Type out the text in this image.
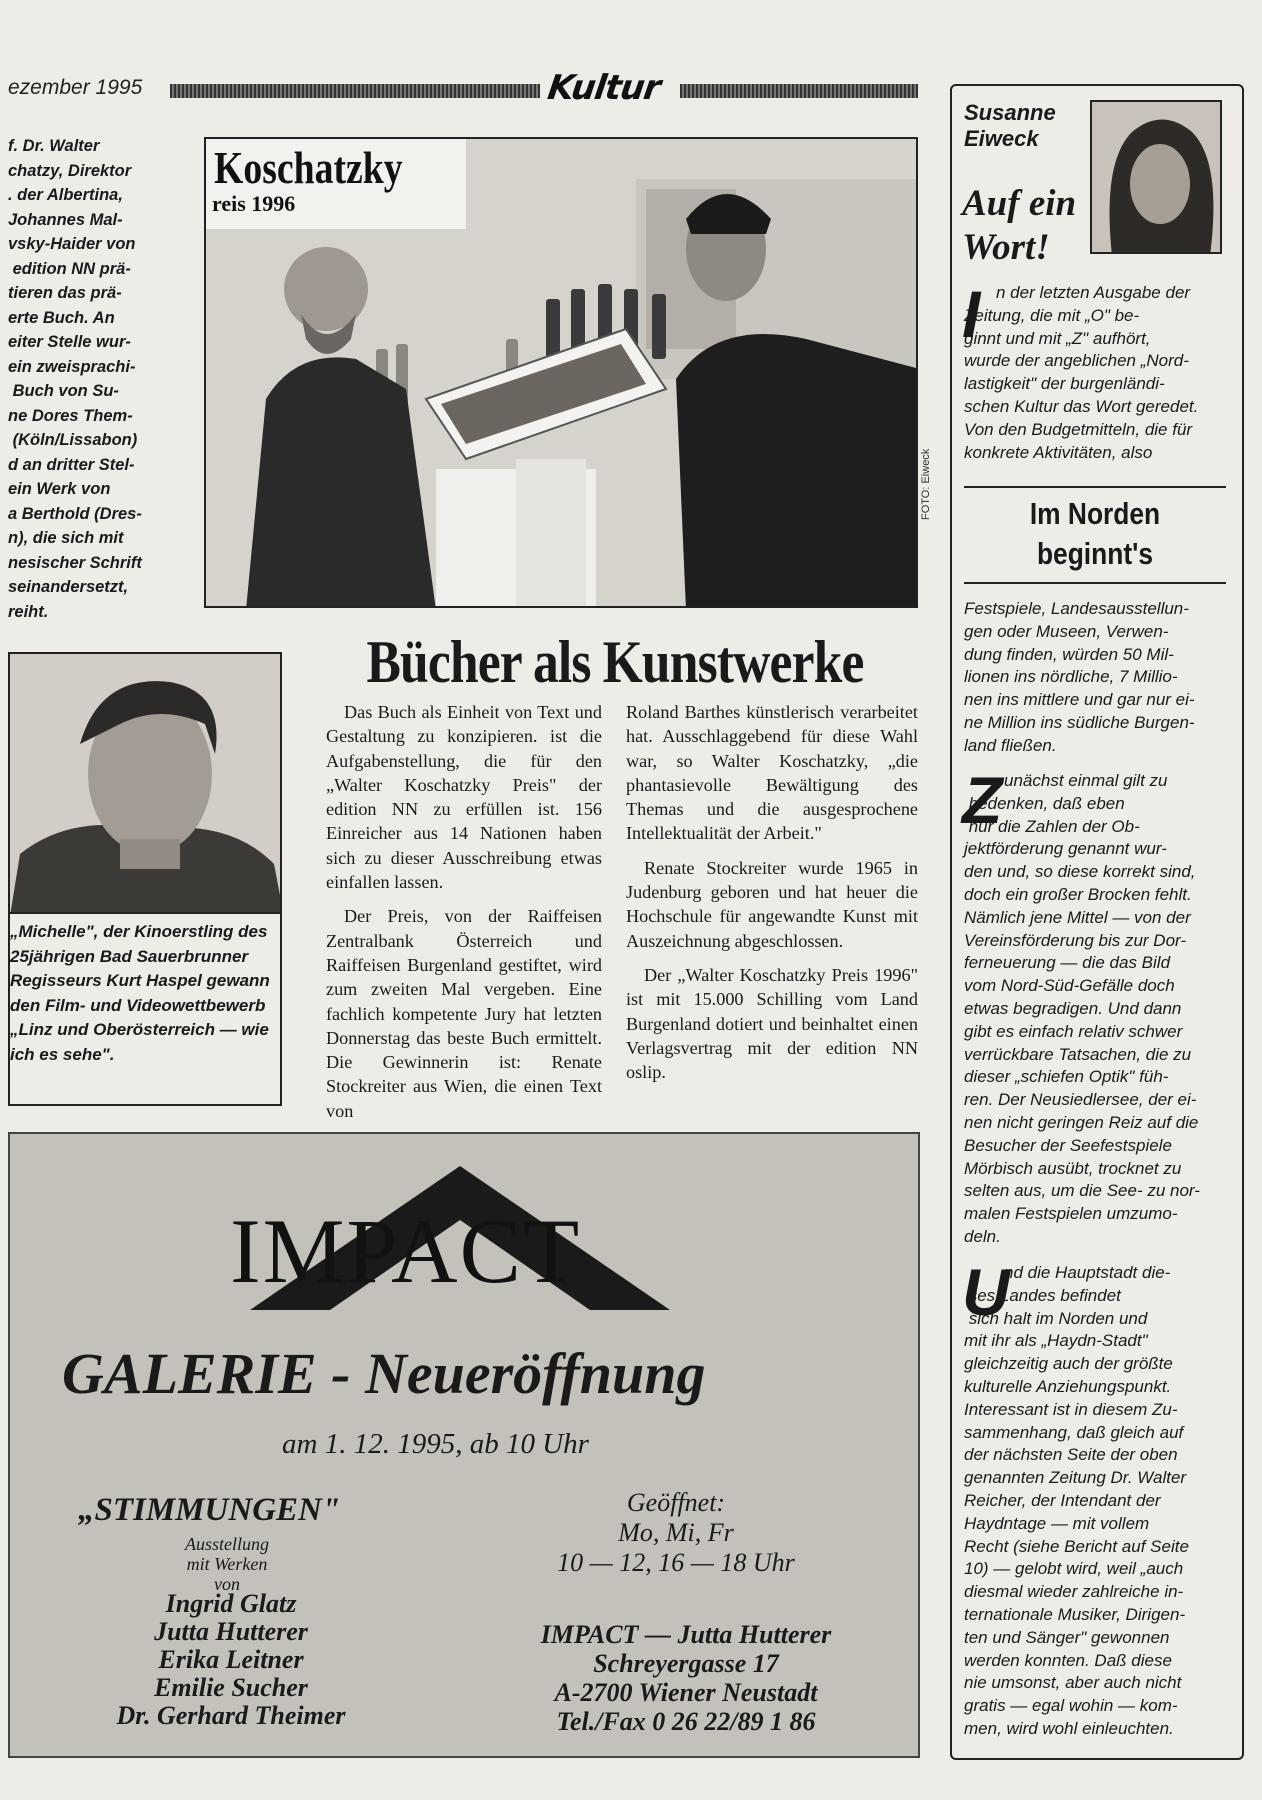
ezember 1995	Kultur
f. Dr. Walter
chatzy, Direktor
. der Albertina,
Johannes Mal-
vsky-Haider von
edition NN prä-
tieren das prä-
erte Buch. An
eiter Stelle wur-
ein zweisprachi-
Buch von Su-
ne Dores Them-
(Köln/Lissabon)
d an dritter Stel-
ein Werk von
a Berthold (Dres-
n), die sich mit
nesischer Schrift
seinandersetzt,
reiht.
Koschatzky
reis 1996
FOTO: Eiweck
„Michelle", der Kinoerstling des 25jährigen Bad Sauerbrunner Regisseurs Kurt Haspel gewann den Film- und Videowettbewerb „Linz und Oberösterreich — wie ich es sehe".
Bücher als Kunstwerke

Das Buch als Einheit von Text und Gestaltung zu konzipieren. ist die Aufgabenstellung, die für den „Walter Koschatzky Preis" der edition NN zu erfüllen ist. 156 Einreicher aus 14 Nationen haben sich zu dieser Ausschreibung etwas einfallen lassen.

Der Preis, von der Raiffeisen Zentralbank Österreich und Raiffeisen Burgenland gestiftet, wird zum zweiten Mal vergeben. Eine fachlich kompetente Jury hat letzten Donnerstag das beste Buch ermittelt. Die Gewinnerin ist: Renate Stockreiter aus Wien, die einen Text von

Roland Barthes künstlerisch verarbeitet hat. Ausschlaggebend für diese Wahl war, so Walter Koschatzky, „die phantasievolle Bewältigung des Themas und die ausgesprochene Intellektualität der Arbeit."

Renate Stockreiter wurde 1965 in Judenburg geboren und hat heuer die Hochschule für angewandte Kunst mit Auszeichnung abgeschlossen.

Der „Walter Koschatzky Preis 1996" ist mit 15.000 Schilling vom Land Burgenland dotiert und beinhaltet einen Verlagsvertrag mit der edition NN oslip.

IMPACT
GALERIE - Neueröffnung
am 1. 12. 1995, ab 10 Uhr
„STIMMUNGEN"
Ausstellung mit Werken von
Ingrid Glatz
Jutta Hutterer
Erika Leitner
Emilie Sucher
Dr. Gerhard Theimer
Geöffnet:
Mo, Mi, Fr
10 — 12, 16 — 18 Uhr
IMPACT — Jutta Hutterer
Schreyergasse 17
A-2700 Wiener Neustadt
Tel./Fax 0 26 22/89 1 86
Susanne Eiweck
Auf ein Wort!
I n der letzten Ausgabe der
Zeitung, die mit „O" be-
ginnt und mit „Z" aufhört,
wurde der angeblichen „Nord-
lastigkeit" der burgenländi-
schen Kultur das Wort geredet.
Von den Budgetmitteln, die für
konkrete Aktivitäten, also
Im Norden beginnt's
Festspiele, Landesausstellun-
gen oder Museen, Verwen-
dung finden, würden 50 Mil-
lionen ins nördliche, 7 Millio-
nen ins mittlere und gar nur ei-
ne Million ins südliche Burgen-
land fließen.
Z unächst einmal gilt zu
bedenken, daß eben
nur die Zahlen der Ob-
jektförderung genannt wur-
den und, so diese korrekt sind,
doch ein großer Brocken fehlt.
Nämlich jene Mittel — von der
Vereinsförderung bis zur Dor-
ferneuerung — die das Bild
vom Nord-Süd-Gefälle doch
etwas begradigen. Und dann
gibt es einfach relativ schwer
verrückbare Tatsachen, die zu
dieser „schiefen Optik" füh-
ren. Der Neusiedlersee, der ei-
nen nicht geringen Reiz auf die
Besucher der Seefestspiele
Mörbisch ausübt, trocknet zu
selten aus, um die See- zu nor-
malen Festspielen umzumo-
deln.
U
nd die Hauptstadt die-
ses Landes befindet
sich halt im Norden und
mit ihr als „Haydn-Stadt"
gleichzeitig auch der größte
kulturelle Anziehungspunkt.
Interessant ist in diesem Zu-
sammenhang, daß gleich auf
der nächsten Seite der oben
genannten Zeitung Dr. Walter
Reicher, der Intendant der
Haydntage — mit vollem
Recht (siehe Bericht auf Seite
10) — gelobt wird, weil „auch
diesmal wieder zahlreiche in-
ternationale Musiker, Dirigen-
ten und Sänger" gewonnen
werden konnten. Daß diese
nie umsonst, aber auch nicht
gratis — egal wohin — kom-
men, wird wohl einleuchten.
